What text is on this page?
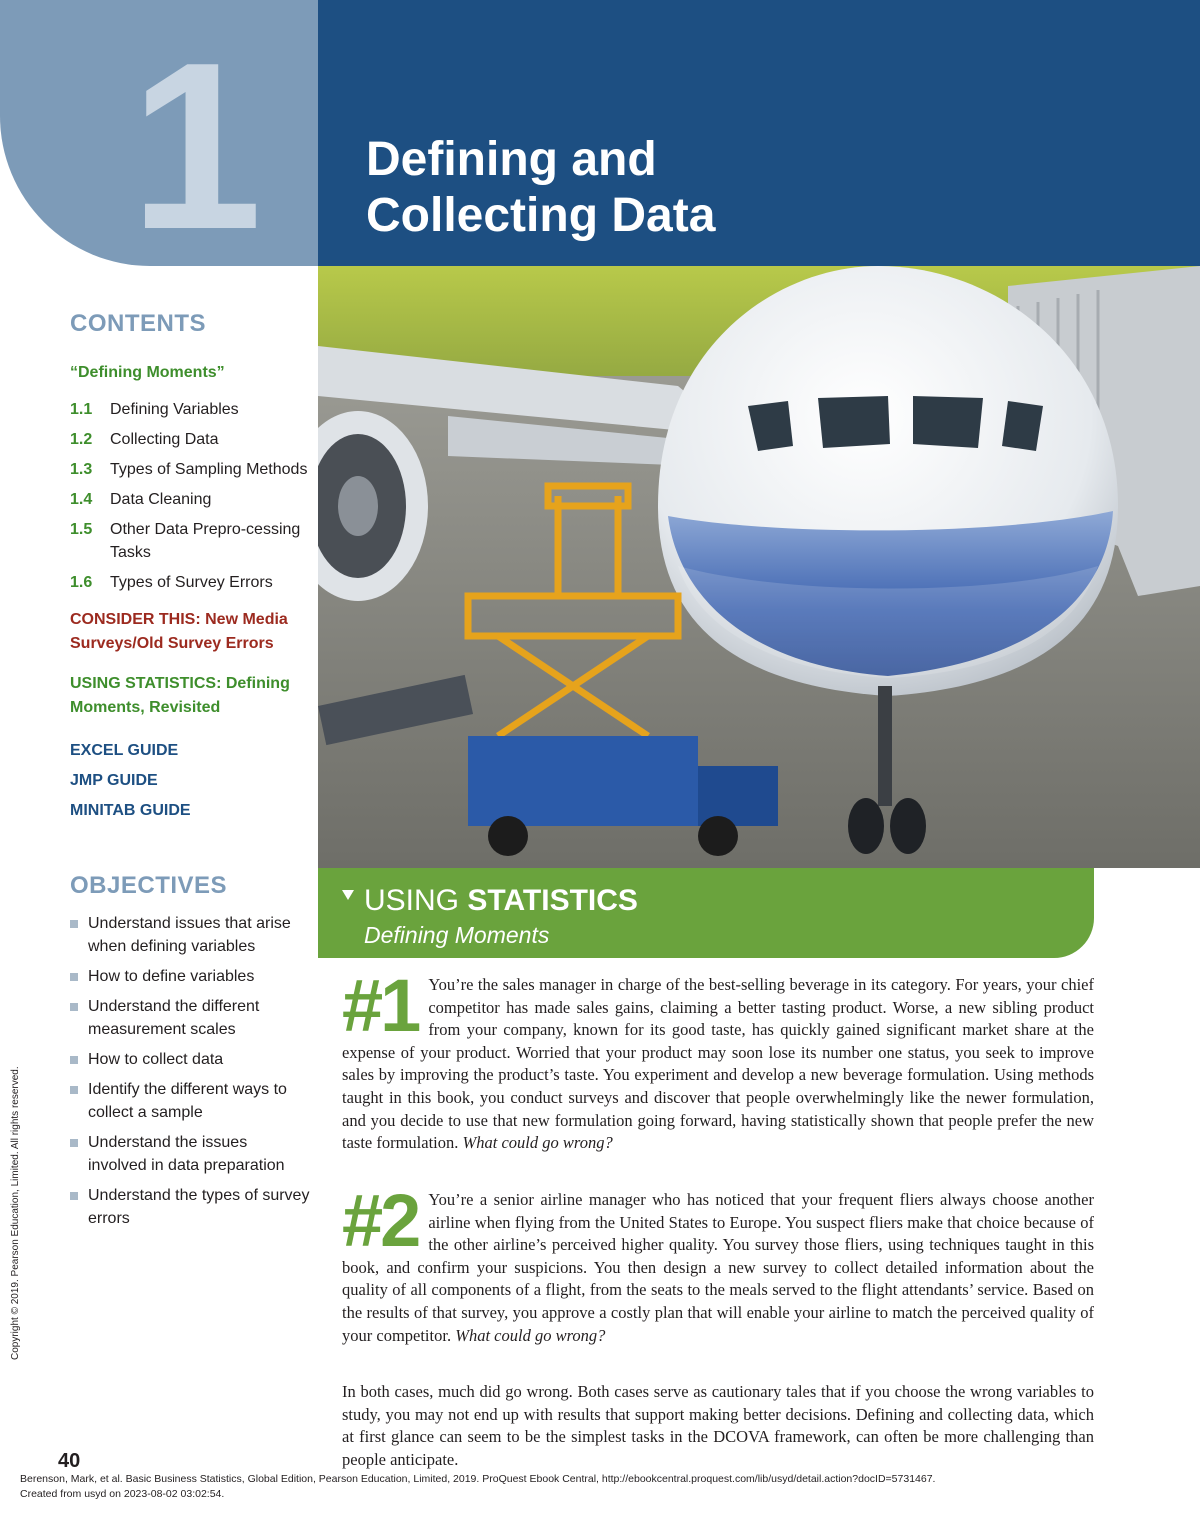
1 Defining and
Collecting Data
CONTENTS
“Defining Moments”
1.1 Defining Variables
1.2 Collecting Data
1.3 Types of Sampling Methods
1.4 Data Cleaning
1.5 Other Data Prepro-cessing Tasks
1.6 Types of Survey Errors
CONSIDER THIS: New Media Surveys/Old Survey Errors
USING STATISTICS: Defining Moments, Revisited
EXCEL GUIDE
JMP GUIDE
MINITAB GUIDE
OBJECTIVES
Understand issues that arise when defining variables
How to define variables
Understand the different measurement scales
How to collect data
Identify the different ways to collect a sample
Understand the issues involved in data preparation
Understand the types of survey errors
USING STATISTICS
Defining Moments
#1 You’re the sales manager in charge of the best-selling beverage in its category. For years, your chief competitor has made sales gains, claiming a better tasting product. Worse, a new sibling product from your company, known for its good taste, has quickly gained significant market share at the expense of your product. Worried that your product may soon lose its number one status, you seek to improve sales by improving the product’s taste. You experiment and develop a new beverage formulation. Using methods taught in this book, you conduct surveys and discover that people overwhelmingly like the newer formulation, and you decide to use that new formulation going forward, having statistically shown that people prefer the new taste formulation. What could go wrong?
#2 You’re a senior airline manager who has noticed that your frequent fliers always choose another airline when flying from the United States to Europe. You suspect fliers make that choice because of the other airline’s perceived higher quality. You survey those fliers, using techniques taught in this book, and confirm your suspicions. You then design a new survey to collect detailed information about the quality of all components of a flight, from the seats to the meals served to the flight attendants’ service. Based on the results of that survey, you approve a costly plan that will enable your airline to match the perceived quality of your competitor. What could go wrong?
In both cases, much did go wrong. Both cases serve as cautionary tales that if you choose the wrong variables to study, you may not end up with results that support making better decisions. Defining and collecting data, which at first glance can seem to be the simplest tasks in the DCOVA framework, can often be more challenging than people anticipate.
Copyright © 2019. Pearson Education, Limited. All rights reserved.
40
Berenson, Mark, et al. Basic Business Statistics, Global Edition, Pearson Education, Limited, 2019. ProQuest Ebook Central, http://ebookcentral.proquest.com/lib/usyd/detail.action?docID=5731467.
Created from usyd on 2023-08-02 03:02:54.
